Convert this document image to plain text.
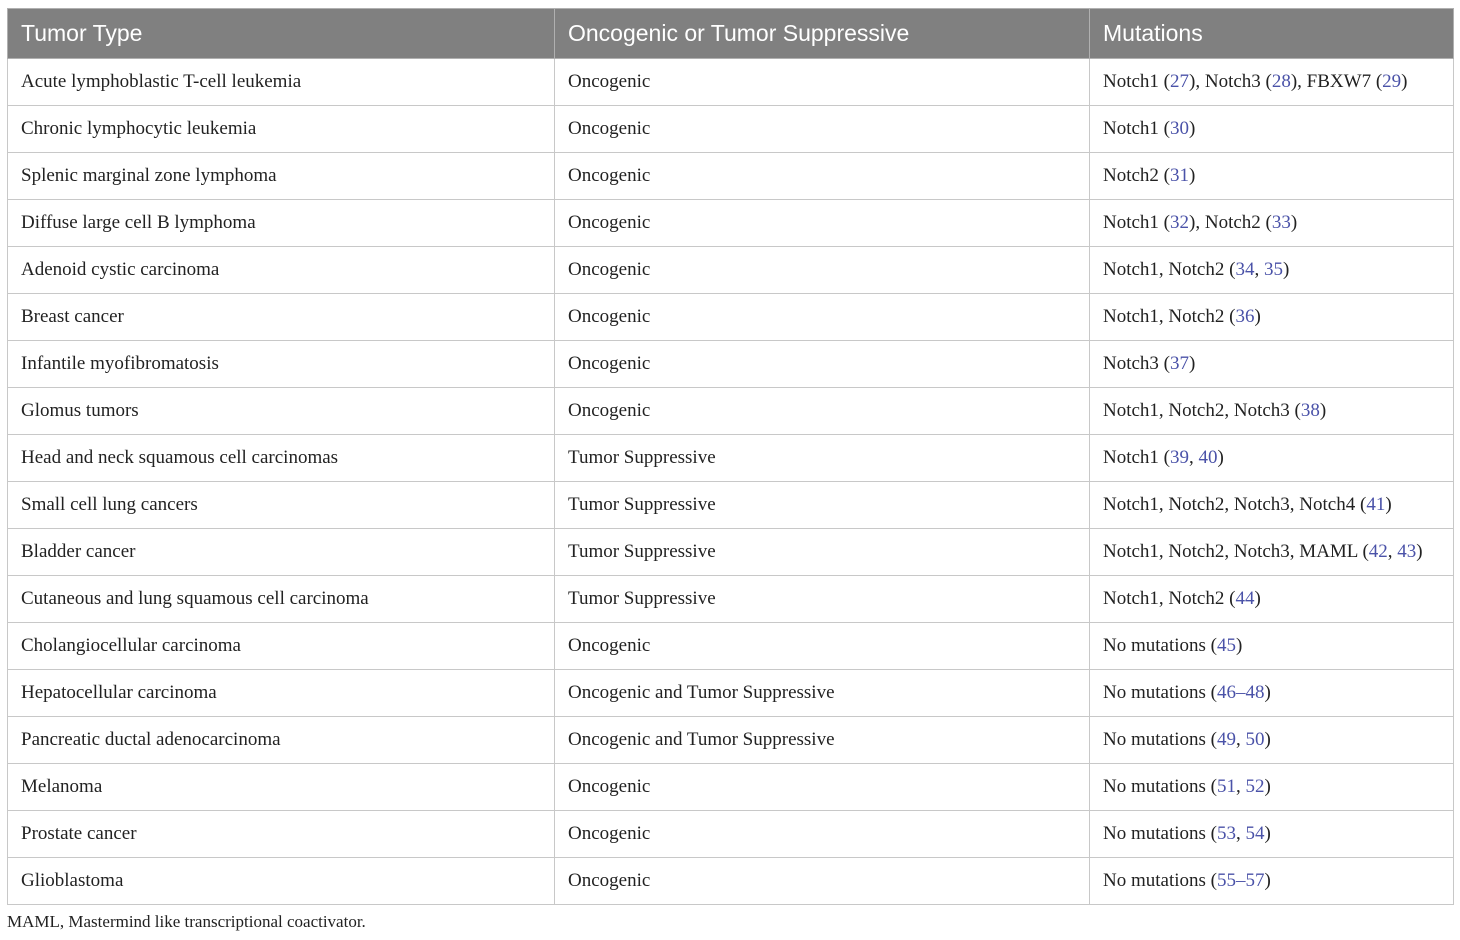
Tumor Type	Oncogenic or Tumor Suppressive	Mutations
Acute lymphoblastic T-cell leukemia	Oncogenic	Notch1 (27), Notch3 (28), FBXW7 (29)
Chronic lymphocytic leukemia	Oncogenic	Notch1 (30)
Splenic marginal zone lymphoma	Oncogenic	Notch2 (31)
Diffuse large cell B lymphoma	Oncogenic	Notch1 (32), Notch2 (33)
Adenoid cystic carcinoma	Oncogenic	Notch1, Notch2 (34, 35)
Breast cancer	Oncogenic	Notch1, Notch2 (36)
Infantile myofibromatosis	Oncogenic	Notch3 (37)
Glomus tumors	Oncogenic	Notch1, Notch2, Notch3 (38)
Head and neck squamous cell carcinomas	Tumor Suppressive	Notch1 (39, 40)
Small cell lung cancers	Tumor Suppressive	Notch1, Notch2, Notch3, Notch4 (41)
Bladder cancer	Tumor Suppressive	Notch1, Notch2, Notch3, MAML (42, 43)
Cutaneous and lung squamous cell carcinoma	Tumor Suppressive	Notch1, Notch2 (44)
Cholangiocellular carcinoma	Oncogenic	No mutations (45)
Hepatocellular carcinoma	Oncogenic and Tumor Suppressive	No mutations (46–48)
Pancreatic ductal adenocarcinoma	Oncogenic and Tumor Suppressive	No mutations (49, 50)
Melanoma	Oncogenic	No mutations (51, 52)
Prostate cancer	Oncogenic	No mutations (53, 54)
Glioblastoma	Oncogenic	No mutations (55–57)
MAML, Mastermind like transcriptional coactivator.
